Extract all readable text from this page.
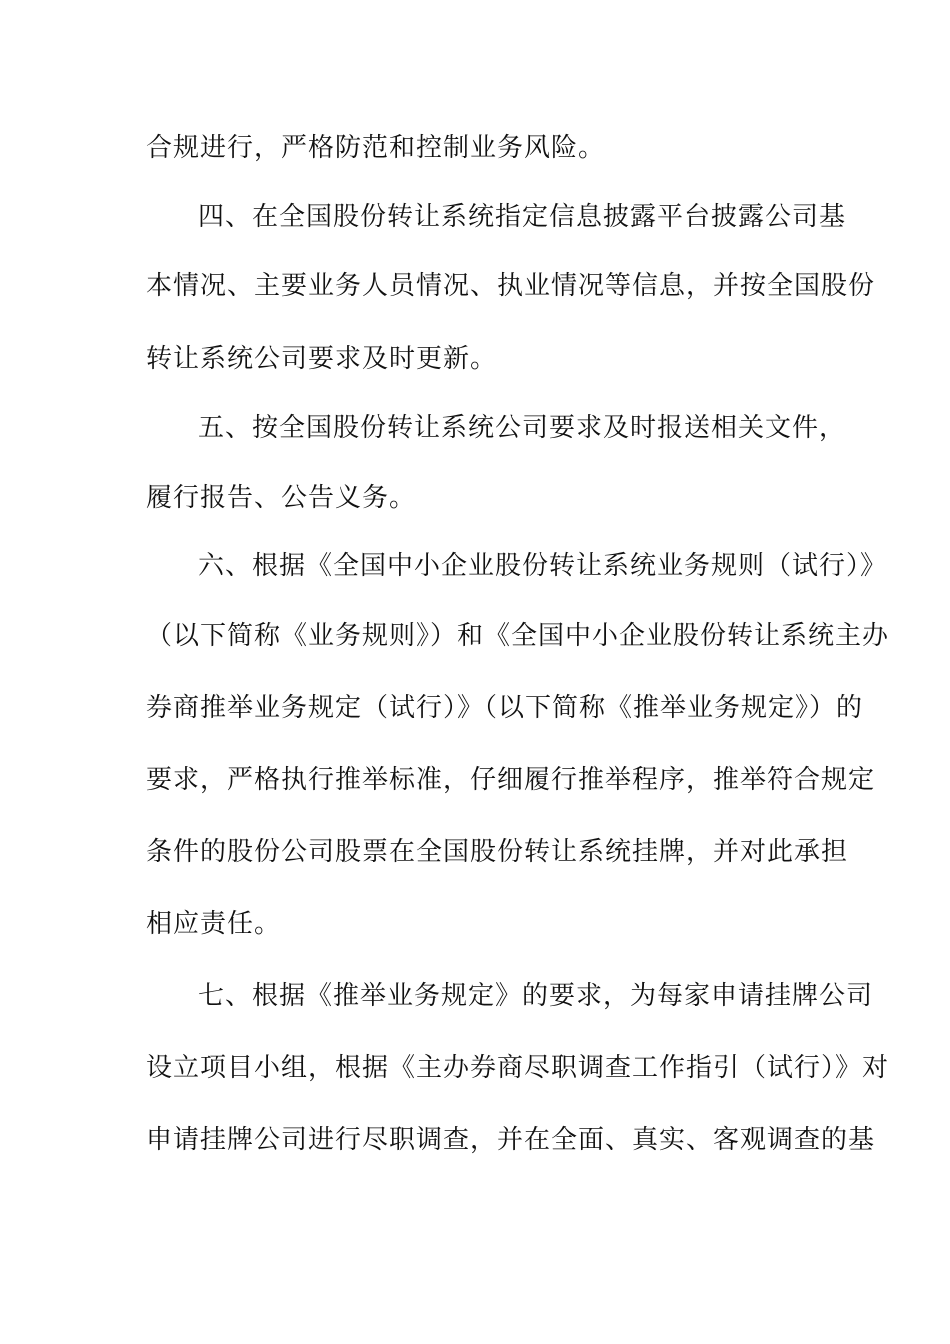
合规进行，严格防范和控制业务风险。
四、在全国股份转让系统指定信息披露平台披露公司基
本情况、主要业务人员情况、执业情况等信息，并按全国股份
转让系统公司要求及时更新。
五、按全国股份转让系统公司要求及时报送相关文件，
履行报告、公告义务。
六、根据《全国中小企业股份转让系统业务规则（试行）》
（以下简称《业务规则》）和《全国中小企业股份转让系统主办
券商推举业务规定（试行）》（以下简称《推举业务规定》）的
要求，严格执行推举标准，仔细履行推举程序，推举符合规定
条件的股份公司股票在全国股份转让系统挂牌，并对此承担
相应责任。
七、根据《推举业务规定》的要求，为每家申请挂牌公司
设立项目小组，根据《主办券商尽职调查工作指引（试行）》对
申请挂牌公司进行尽职调查，并在全面、真实、客观调查的基
